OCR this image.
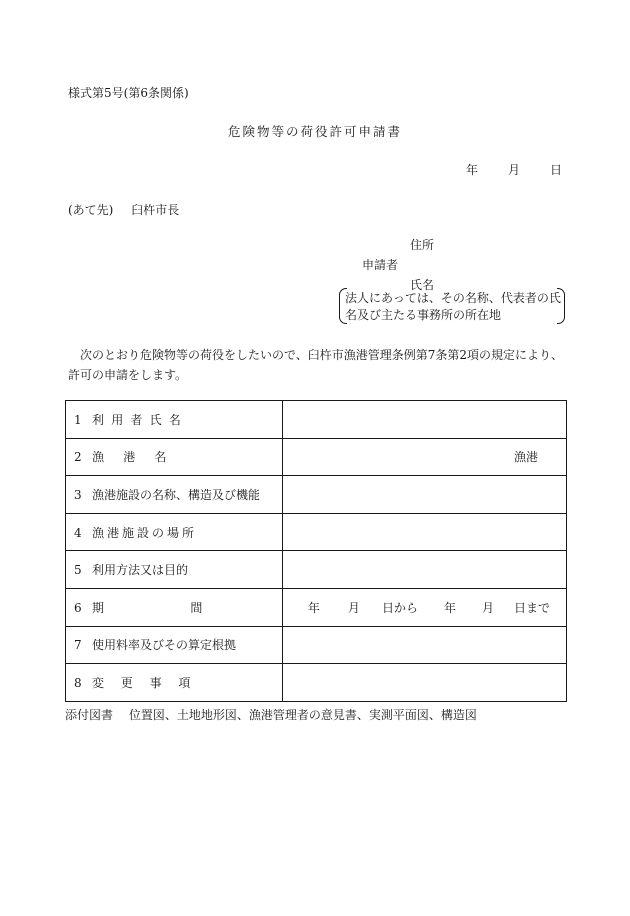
様式第5号(第6条関係)
危険物等の荷役許可申請書
年	月	日
(あて先) 臼杵市長
住所
申請者
氏名
法人にあっては、その名称、代表者の氏名及び主たる事務所の所在地
次のとおり危険物等の荷役をしたいので、臼杵市漁港管理条例第7条第2項の規定により、許可の申請をします。
1 利用者氏名	
2 漁港名	漁港
3 漁港施設の名称、構造及び機能	
4 漁港施設の場所	
5 利用方法又は目的	
6 期間	年 月 日から 年 月 日まで
7 使用料率及びその算定根拠	
8 変更事項	
添付図書 位置図、土地地形図、漁港管理者の意見書、実測平面図、構造図
